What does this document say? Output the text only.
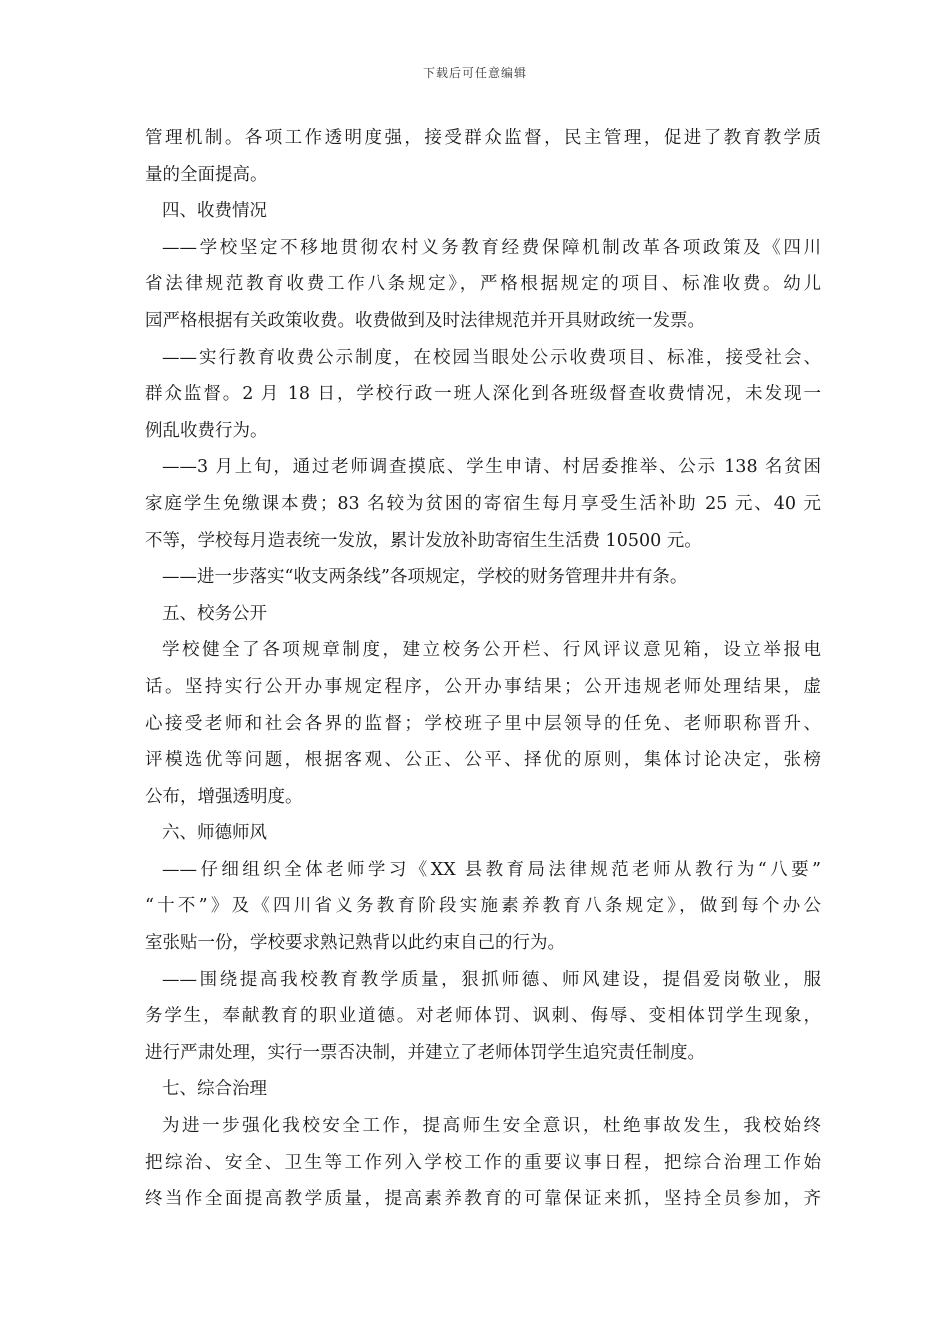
下载后可任意编辑
管理机制。各项工作透明度强，接受群众监督，民主管理，促进了教育教学质
量的全面提高。
四、收费情况
——学校坚定不移地贯彻农村义务教育经费保障机制改革各项政策及《四川
省法律规范教育收费工作八条规定》，严格根据规定的项目、标准收费。幼儿
园严格根据有关政策收费。收费做到及时法律规范并开具财政统一发票。
——实行教育收费公示制度，在校园当眼处公示收费项目、标准，接受社会、
群众监督。2 月 18 日，学校行政一班人深化到各班级督查收费情况，未发现一
例乱收费行为。
——3 月上旬，通过老师调查摸底、学生申请、村居委推举、公示 138 名贫困
家庭学生免缴课本费；83 名较为贫困的寄宿生每月享受生活补助 25 元、40 元
不等，学校每月造表统一发放，累计发放补助寄宿生生活费 10500 元。
——进一步落实“收支两条线”各项规定，学校的财务管理井井有条。
五、校务公开
学校健全了各项规章制度，建立校务公开栏、行风评议意见箱，设立举报电
话。坚持实行公开办事规定程序，公开办事结果；公开违规老师处理结果，虚
心接受老师和社会各界的监督；学校班子里中层领导的任免、老师职称晋升、
评模选优等问题，根据客观、公正、公平、择优的原则，集体讨论决定，张榜
公布，增强透明度。
六、师德师风
——仔细组织全体老师学习《XX 县教育局法律规范老师从教行为“八要”
“十不”》及《四川省义务教育阶段实施素养教育八条规定》，做到每个办公
室张贴一份，学校要求熟记熟背以此约束自己的行为。
——围绕提高我校教育教学质量，狠抓师德、师风建设，提倡爱岗敬业，服
务学生，奉献教育的职业道德。对老师体罚、讽刺、侮辱、变相体罚学生现象，
进行严肃处理，实行一票否决制，并建立了老师体罚学生追究责任制度。
七、综合治理
为进一步强化我校安全工作，提高师生安全意识，杜绝事故发生，我校始终
把综治、安全、卫生等工作列入学校工作的重要议事日程，把综合治理工作始
终当作全面提高教学质量，提高素养教育的可靠保证来抓，坚持全员参加，齐
